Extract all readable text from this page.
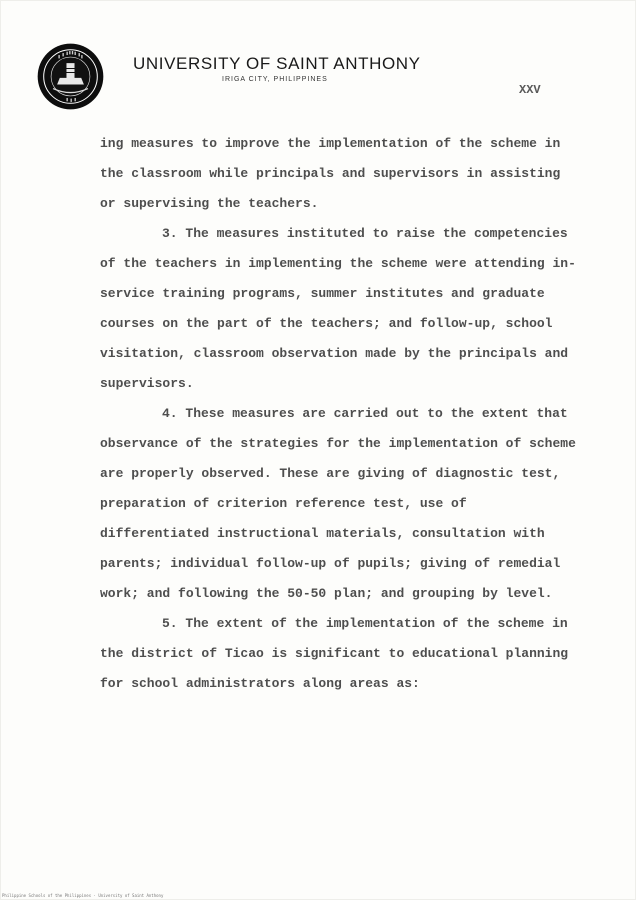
UNIVERSITY OF SAINT ANTHONY
IRIGA CITY, PHILIPPINES
XXV

ing measures to improve the implementation of the scheme in the classroom while principals and supervisors in assisting or supervising the teachers.

3. The measures instituted to raise the competencies of the teachers in implementing the scheme were attending in-service training programs, summer institutes and graduate courses on the part of the teachers; and follow-up, school visitation, classroom observation made by the principals and supervisors.

4. These measures are carried out to the extent that observance of the strategies for the implementation of scheme are properly observed. These are giving of diagnostic test, preparation of criterion reference test, use of differentiated instructional materials, consultation with parents; individual follow-up of pupils; giving of remedial work; and following the 50-50 plan; and grouping by level.

5. The extent of the implementation of the scheme in the district of Ticao is significant to educational planning for school administrators along areas as:

Philippine Schools of the Philippines · University of Saint Anthony
